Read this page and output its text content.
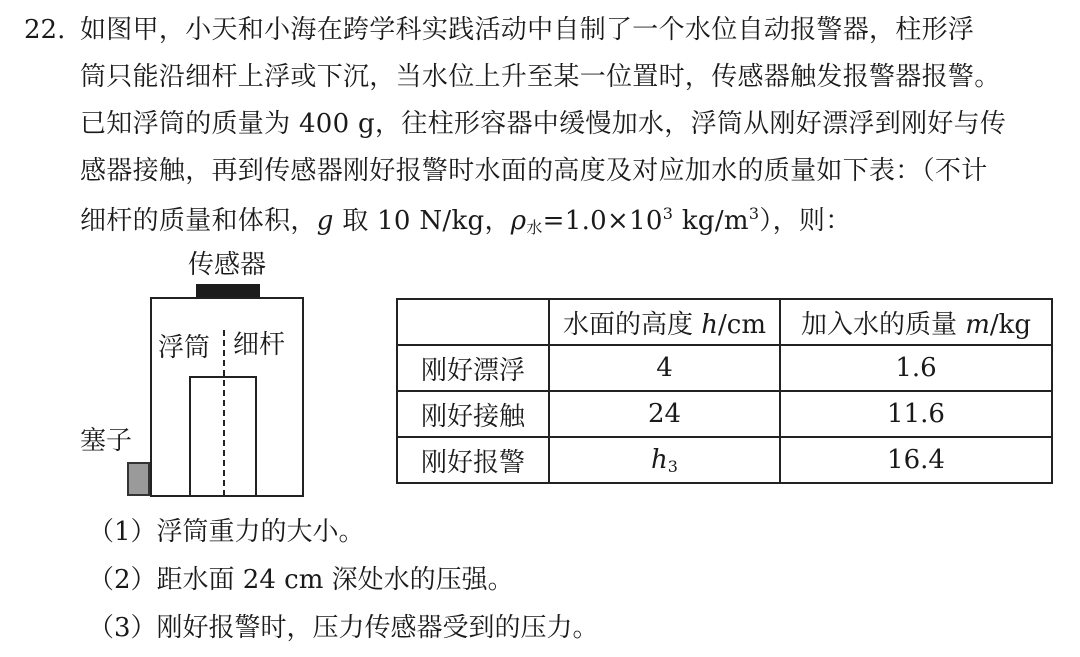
22. 如图甲，小天和小海在跨学科实践活动中自制了一个水位自动报警器，柱形浮
筒只能沿细杆上浮或下沉，当水位上升至某一位置时，传感器触发报警器报警。
已知浮筒的质量为 400 g，往柱形容器中缓慢加水，浮筒从刚好漂浮到刚好与传
感器接触，再到传感器刚好报警时水面的高度及对应加水的质量如下表：（不计
细杆的质量和体积，g 取 10 N/kg，$\rho_水=1.0\times 10^3$ $kg/m^3$），则：
传感器
浮筒 细杆
塞子
	水面的高度 h/cm	加入水的质量 m/kg
刚好漂浮	4	1.6
刚好接触	24	11.6
刚好报警	$h_3$	16.4
（1）浮筒重力的大小。
（2）距水面 24 cm 深处水的压强。
（3）刚好报警时，压力传感器受到的压力。
